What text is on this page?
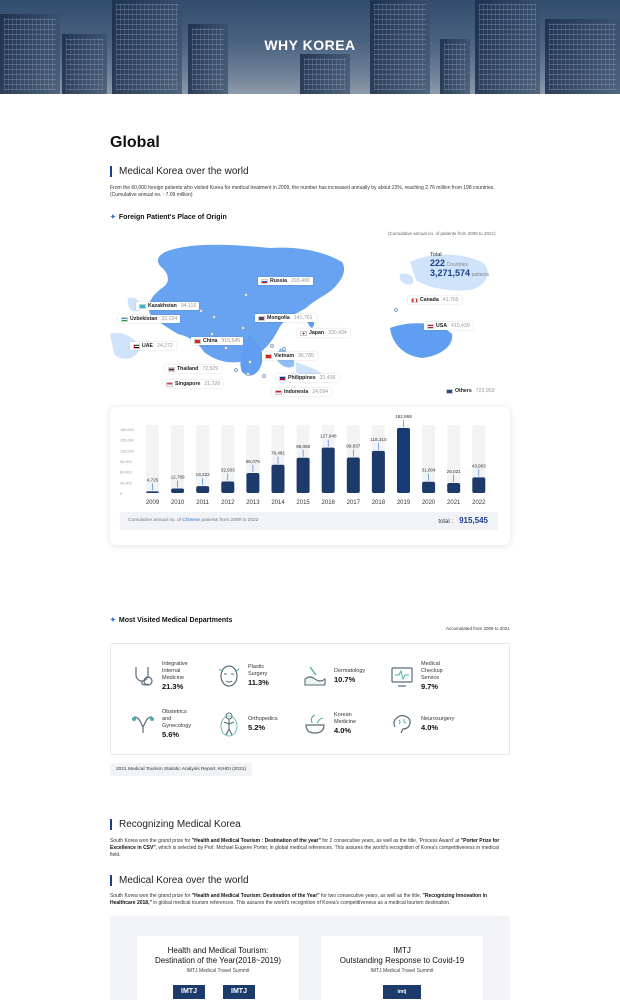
WHY KOREA
Global
Medical Korea over the world
From the 60,000 foreign patients who visited Korea for medical treatment in 2009, the number has increased annually by about 23%, reaching 2.76 million from 198 countries. (Cumulative annual no. : 7.09 million)
✦ Foreign Patient's Place of Origin
(Cumulative annual no. of patients from 2009 to 2021)
Total
222 Countries
3,271,574 patients
Russia 293,400
Kazakhstan 94,116
Uzbekistan 33,034	Mongolia 141,761
Japan 330,434
UAE 24,272
China 915,545
Vietnam 96,785
Thailand 72,929
Singapore 21,226
Philippines 31,436
Indonesia 24,694
Canada 41,765
USA 410,439
Others 723,953
180,000
150,000
120,000
90,000
60,000
30,000
0
4,725
2009
12,789
2010
19,222
2011
32,503
2012
56,075
2013
79,481
2014
99,059
2015
127,648
2016
99,837
2017
118,310
2018
182,868
2019
31,804
2020
28,021
2021
43,903
2022
Cumulative annual no. of Chinese patients from 2009 to 2022	total : 915,545
✦ Most Visited Medical Departments
Accumulated from 2009 to 2021
Integrative
Internal
Medicine
21.3%
Plastic
Surgery
11.3%
Dermatology
10.7%
Medical
Checkup
Service
9.7%
Obstetrics
and
Gynecology
5.6%
Orthopedics
5.2%
Korean
Medicine
4.0%
Neurosurgery
4.0%
2021 Medical Tourism Statistic Analysis Report, KIHDI (2021)
Recognizing Medical Korea
South Korea won the grand prize for "Health and Medical Tourism : Destination of the year" for 2 consecutive years, as well as the title, 'Process Award' at "Porter Prize for Excellence in CSV", which is selected by Prof. Michael Eugene Porter, in global medical references. This assures the world's recognition of Korea's competitiveness in medical field.
Medical Korea over the world
South Korea won the grand prize for "Health and Medical Tourism: Destination of the Year" for two consecutive years, as well as the title, "Recognizing Innovation in Healthcare 2018," in global medical tourism references. This assures the world's recognition of Korea's competitiveness as a medical tourism destination.
Health and Medical Tourism:
Destination of the Year(2018~2019)
IMTJ Medical Travel Summit
IMTJ	IMTJ
IMTJ
Outstanding Response to Covid-19
IMTJ Medical Travel Summit
imtj
